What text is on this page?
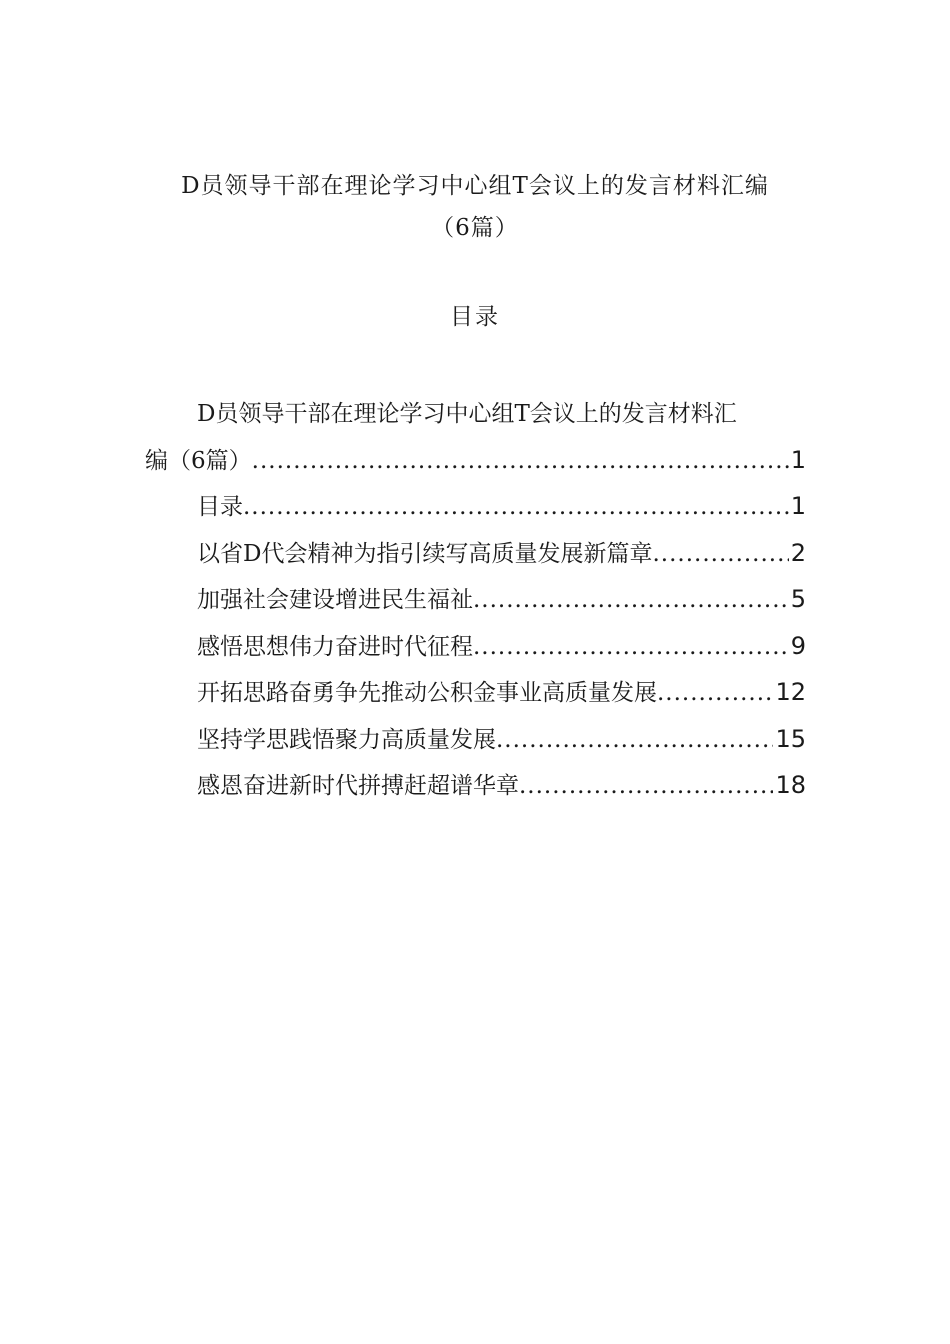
D员领导干部在理论学习中心组T会议上的发言材料汇编
（6篇）
目录
D员领导干部在理论学习中心组T会议上的发言材料汇
编（6篇） .....	1
目录 .....	1
以省D代会精神为指引续写高质量发展新篇章 .....	2
加强社会建设增进民生福祉 .....	5
感悟思想伟力奋进时代征程 .....	9
开拓思路奋勇争先推动公积金事业高质量发展 .....	12
坚持学思践悟聚力高质量发展 .....	15
感恩奋进新时代拼搏赶超谱华章 .....	18
